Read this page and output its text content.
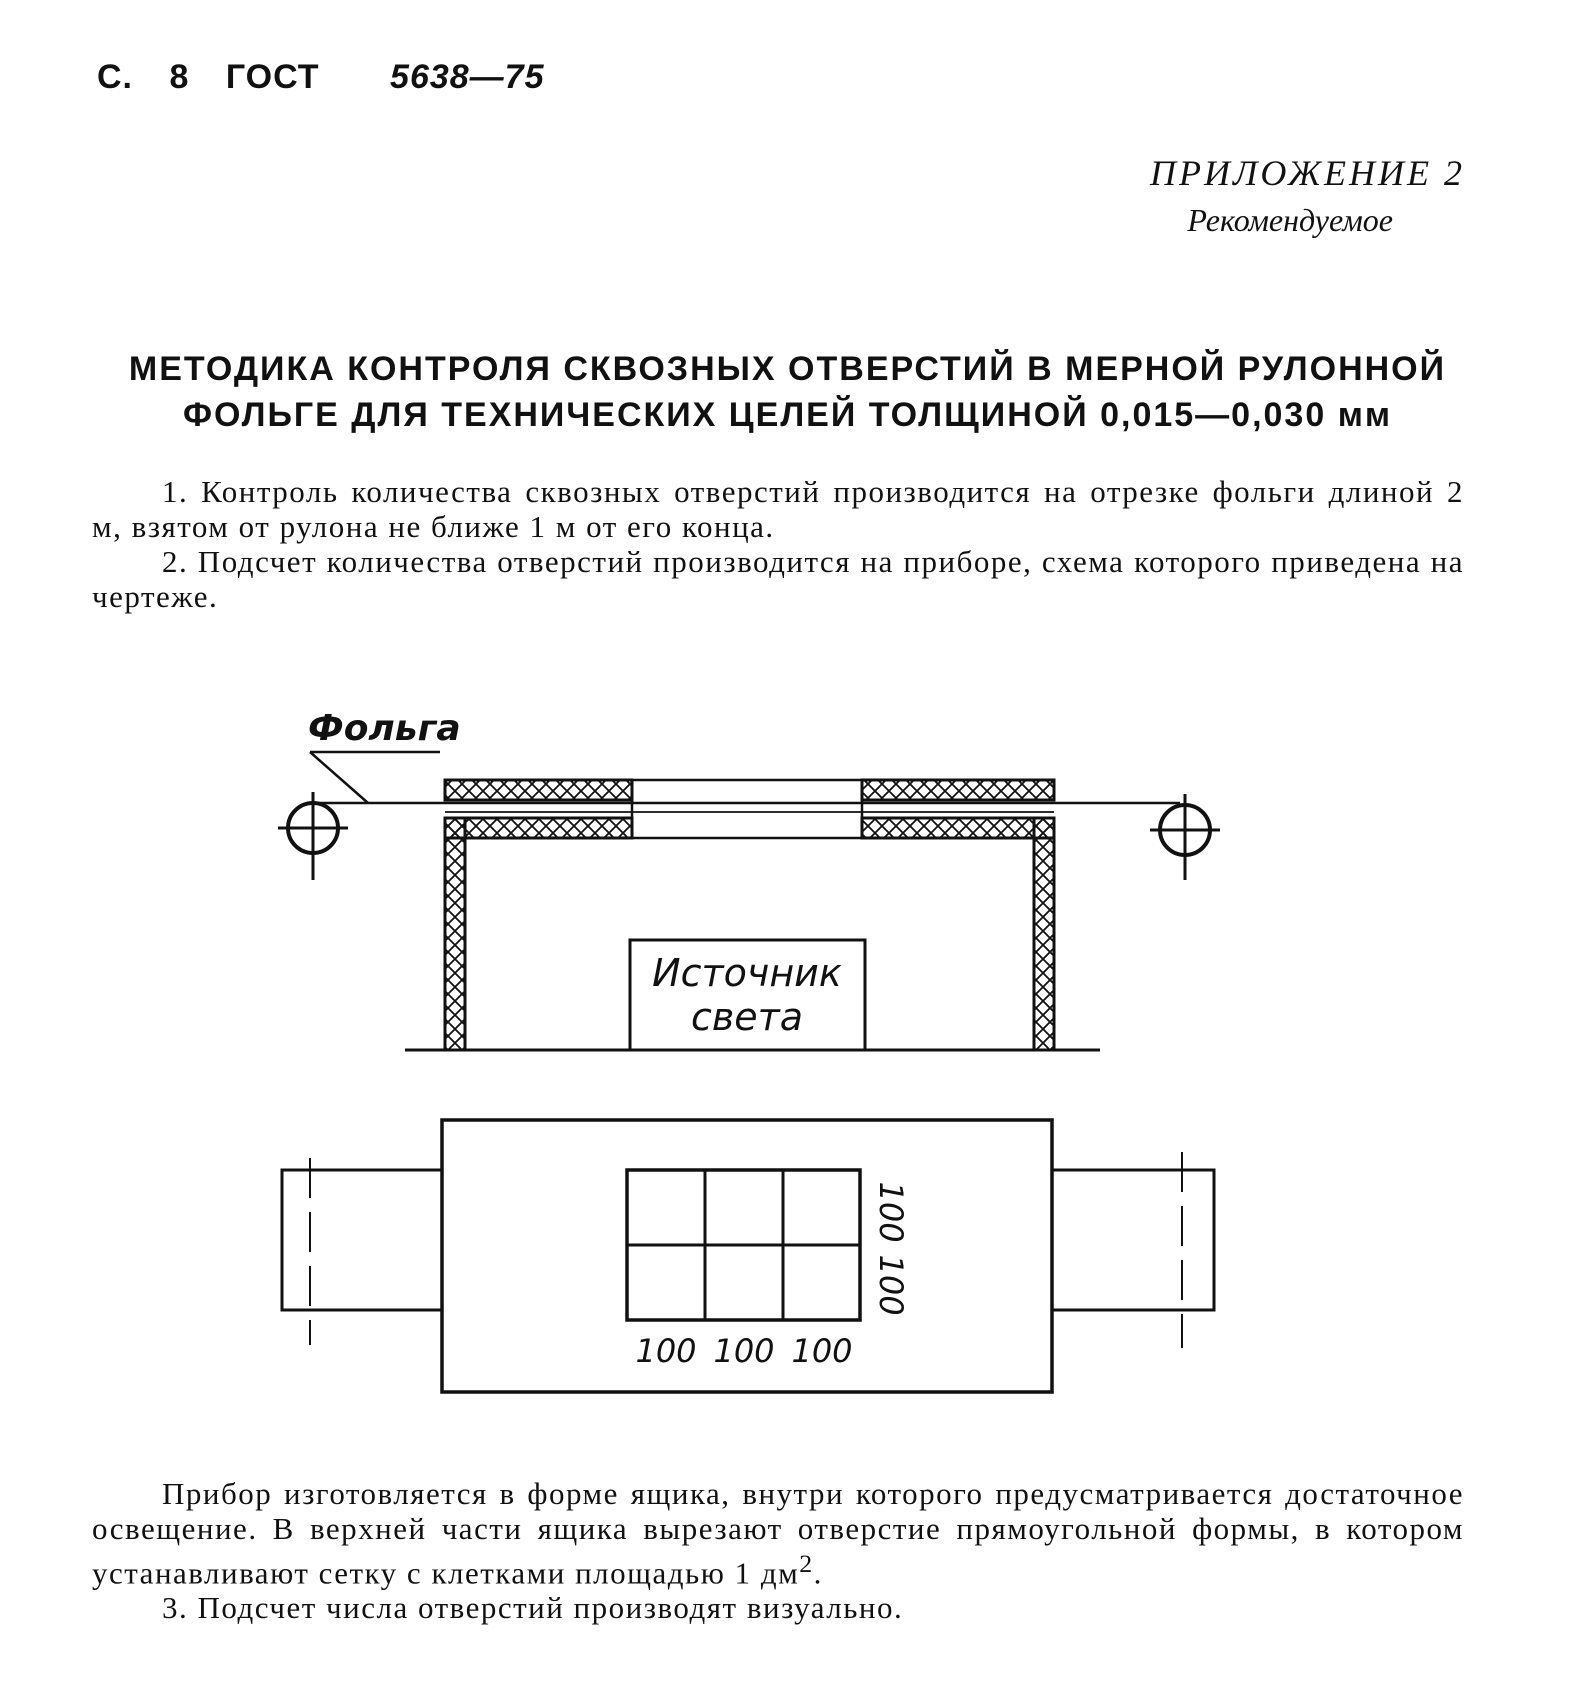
С. 8 ГОСТ 5638—75
ПРИЛОЖЕНИЕ 2
Рекомендуемое
МЕТОДИКА КОНТРОЛЯ СКВОЗНЫХ ОТВЕРСТИЙ В МЕРНОЙ РУЛОННОЙ
ФОЛЬГЕ ДЛЯ ТЕХНИЧЕСКИХ ЦЕЛЕЙ ТОЛЩИНОЙ 0,015—0,030 мм

1. Контроль количества сквозных отверстий производится на отрезке фольги длиной 2 м, взятом от рулона не ближе 1 м от его конца.

2. Подсчет количества отверстий производится на приборе, схема которого приведена на чертеже.

Фольга
Источник
света
100
100
100 100 100

Прибор изготовляется в форме ящика, внутри которого предусматривается достаточное освещение. В верхней части ящика вырезают отверстие прямоугольной формы, в котором устанавливают сетку с клетками площадью 1 $дм^2$.

3. Подсчет числа отверстий производят визуально.
